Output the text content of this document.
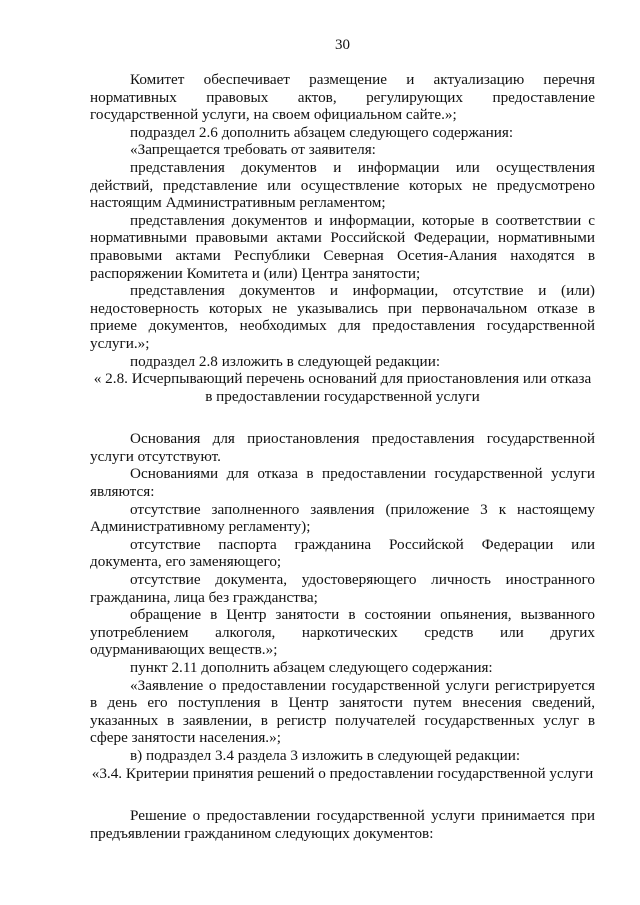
30

Комитет обеспечивает размещение и актуализацию перечня нормативных правовых актов, регулирующих предоставление государственной услуги, на своем официальном сайте.»;

подраздел 2.6 дополнить абзацем следующего содержания:

«Запрещается требовать от заявителя:

представления документов и информации или осуществления действий, представление или осуществление которых не предусмотрено настоящим Административным регламентом;

представления документов и информации, которые в соответствии с нормативными правовыми актами Российской Федерации, нормативными правовыми актами Республики Северная Осетия-Алания находятся в распоряжении Комитета и (или) Центра занятости;

представления документов и информации, отсутствие и (или) недостоверность которых не указывались при первоначальном отказе в приеме документов, необходимых для предоставления государственной услуги.»;

подраздел 2.8 изложить в следующей редакции:

« 2.8. Исчерпывающий перечень оснований для приостановления или отказа в предоставлении государственной услуги

Основания для приостановления предоставления государственной услуги отсутствуют.

Основаниями для отказа в предоставлении государственной услуги являются:

отсутствие заполненного заявления (приложение 3 к настоящему Административному регламенту);

отсутствие паспорта гражданина Российской Федерации или документа, его заменяющего;

отсутствие документа, удостоверяющего личность иностранного гражданина, лица без гражданства;

обращение в Центр занятости в состоянии опьянения, вызванного употреблением алкоголя, наркотических средств или других одурманивающих веществ.»;

пункт 2.11 дополнить абзацем следующего содержания:

«Заявление о предоставлении государственной услуги регистрируется в день его поступления в Центр занятости путем внесения сведений, указанных в заявлении, в регистр получателей государственных услуг в сфере занятости населения.»;

в) подраздел 3.4 раздела 3 изложить в следующей редакции:

«3.4. Критерии принятия решений о предоставлении государственной услуги

Решение о предоставлении государственной услуги принимается при предъявлении гражданином следующих документов:
